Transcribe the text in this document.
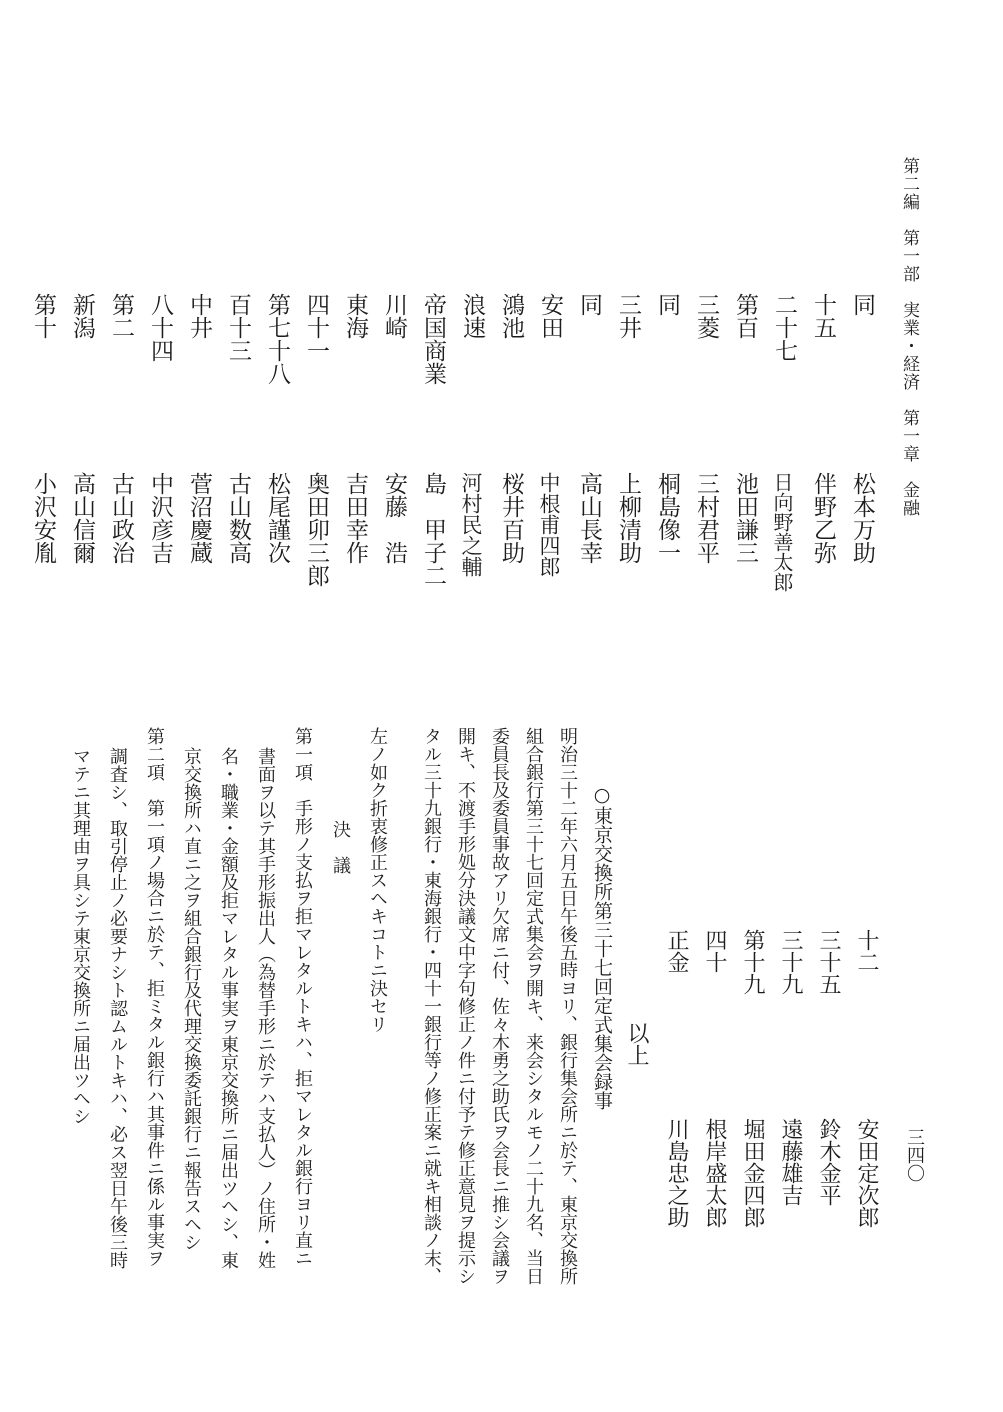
第二編　第一部　実業・経済　第一章　金融
同
十五
二十七
第百
三菱
同
三井
同
安田
鴻池
浪速
帝国商業
川崎
東海
四十一
第七十八
百十三
中井
八十四
第二
新潟
第十
松本万助
伴野乙弥
日向野善太郎
池田謙三
三村君平
桐島像一
上柳清助
高山長幸
中根甫四郎
桜井百助
河村民之輔
島　甲子二
安藤　浩
吉田幸作
奥田卯三郎
松尾謹次
古山数高
菅沼慶蔵
中沢彦吉
古山政治
高山信爾
小沢安胤
十二
三十五
三十九
第十九
四十
正金
安田定次郎
鈴木金平
遠藤雄吉
堀田金四郎
根岸盛太郎
川島忠之助
以上
三四〇
○東京交換所第三十七回定式集会録事
明治三十二年六月五日午後五時ヨリ、銀行集会所ニ於テ、東京交換所
組合銀行第三十七回定式集会ヲ開キ、来会シタルモノ二十九名、当日
委員長及委員事故アリ欠席ニ付、佐々木勇之助氏ヲ会長ニ推シ会議ヲ
開キ、不渡手形処分決議文中字句修正ノ件ニ付予テ修正意見ヲ提示シ
タル三十九銀行・東海銀行・四十一銀行等ノ修正案ニ就キ相談ノ末、
左ノ如ク折衷修正スヘキコトニ決セリ
決　議
第一項　手形ノ支払ヲ拒マレタルトキハ、拒マレタル銀行ヨリ直ニ
書面ヲ以テ其手形振出人（為替手形ニ於テハ支払人）ノ住所・姓
名・職業・金額及拒マレタル事実ヲ東京交換所ニ届出ツヘシ、東
京交換所ハ直ニ之ヲ組合銀行及代理交換委託銀行ニ報告スヘシ
第二項　第一項ノ場合ニ於テ、拒ミタル銀行ハ其事件ニ係ル事実ヲ
調査シ、取引停止ノ必要ナシト認ムルトキハ、必ス翌日午後三時
マテニ其理由ヲ具シテ東京交換所ニ届出ツヘシ
